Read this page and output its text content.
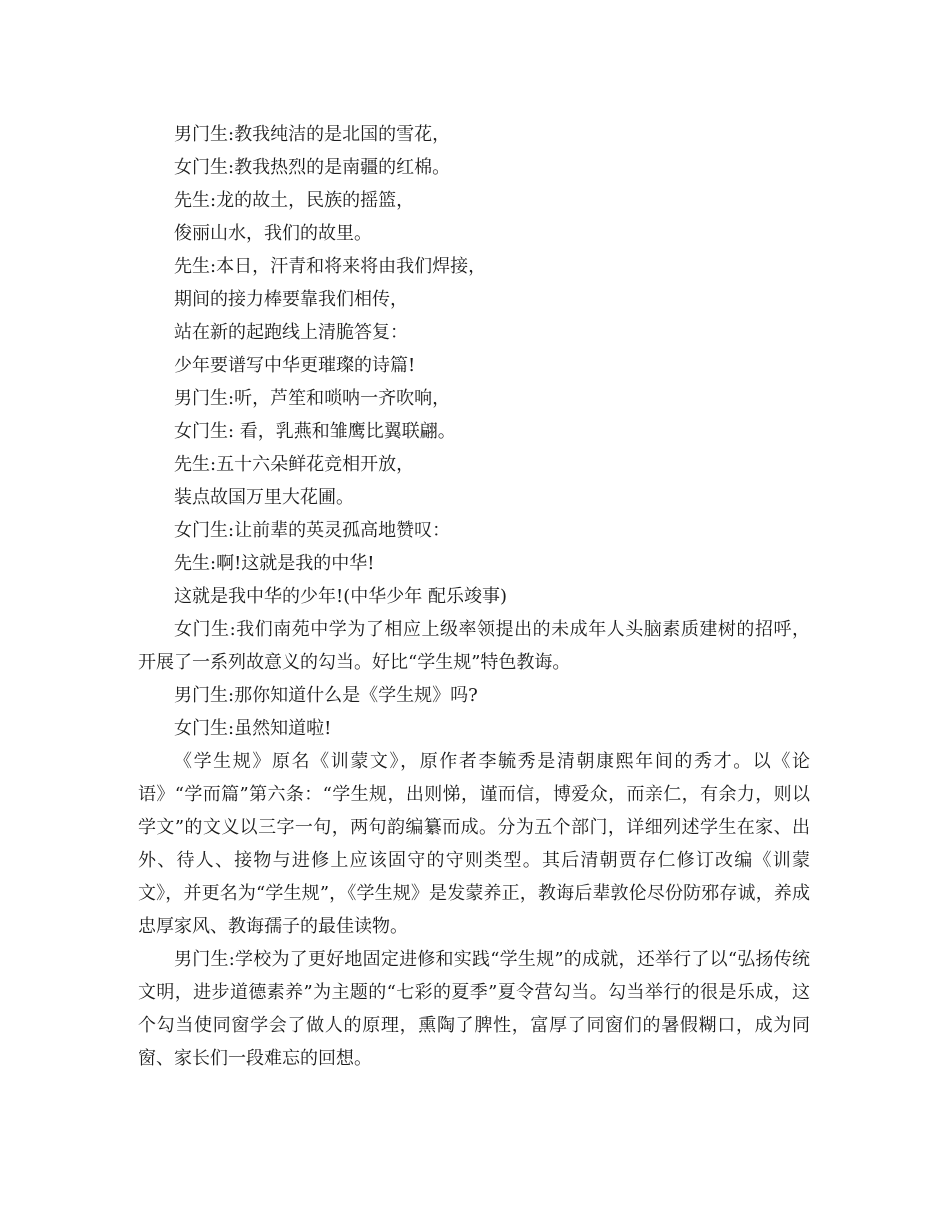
男门生:教我纯洁的是北国的雪花，
女门生:教我热烈的是南疆的红棉。
先生:龙的故土，民族的摇篮，
俊丽山水，我们的故里。
先生:本日，汗青和将来将由我们焊接，
期间的接力棒要靠我们相传，
站在新的起跑线上清脆答复：
少年要谱写中华更璀璨的诗篇!
男门生:听，芦笙和唢呐一齐吹响，
女门生: 看，乳燕和雏鹰比翼联翩。
先生:五十六朵鲜花竞相开放，
装点故国万里大花圃。
女门生:让前辈的英灵孤高地赞叹：
先生:啊!这就是我的中华!
这就是我中华的少年!(中华少年 配乐竣事)

女门生:我们南苑中学为了相应上级率领提出的未成年人头脑素质建树的招呼，开展了一系列故意义的勾当。好比“学生规”特色教诲。

男门生:那你知道什么是《学生规》吗?
女门生:虽然知道啦!

《学生规》原名《训蒙文》，原作者李毓秀是清朝康熙年间的秀才。以《论语》“学而篇”第六条：“学生规，出则悌，谨而信，博爱众，而亲仁，有余力，则以学文”的文义以三字一句，两句韵编纂而成。分为五个部门，详细列述学生在家、出外、待人、接物与进修上应该固守的守则类型。其后清朝贾存仁修订改编《训蒙文》，并更名为“学生规”，《学生规》是发蒙养正，教诲后辈敦伦尽份防邪存诚，养成忠厚家风、教诲孺子的最佳读物。

男门生:学校为了更好地固定进修和实践“学生规”的成就，还举行了以“弘扬传统文明，进步道德素养”为主题的“七彩的夏季”夏令营勾当。勾当举行的很是乐成，这个勾当使同窗学会了做人的原理，熏陶了脾性，富厚了同窗们的暑假糊口，成为同窗、家长们一段难忘的回想。
